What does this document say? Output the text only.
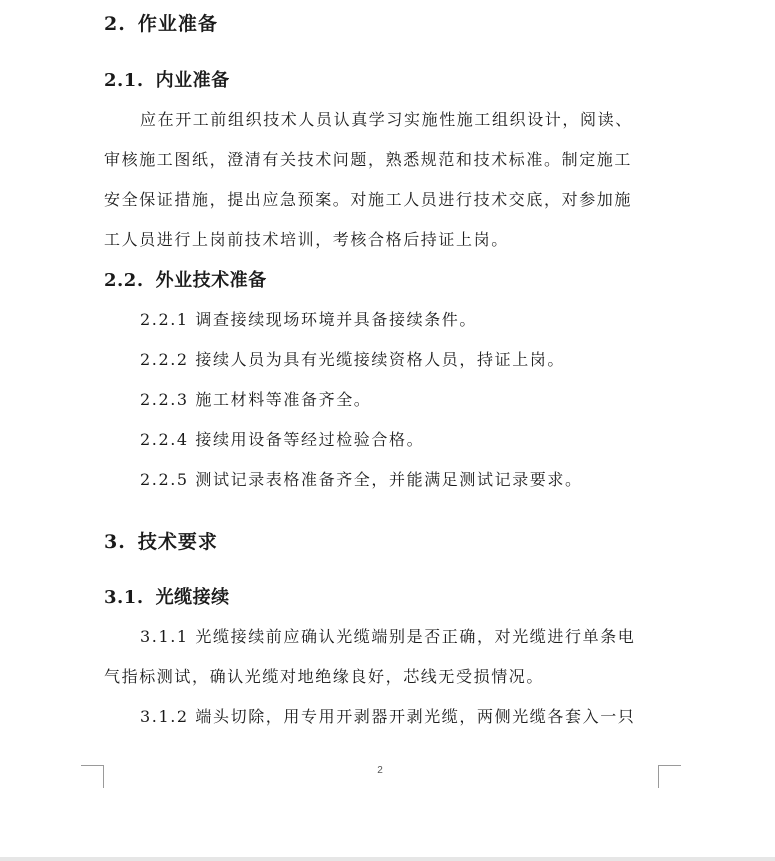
2. 作业准备
2.1. 内业准备
应在开工前组织技术人员认真学习实施性施工组织设计，阅读、
审核施工图纸，澄清有关技术问题，熟悉规范和技术标准。制定施工
安全保证措施，提出应急预案。对施工人员进行技术交底，对参加施
工人员进行上岗前技术培训，考核合格后持证上岗。
2.2. 外业技术准备
2.2.1 调查接续现场环境并具备接续条件。
2.2.2 接续人员为具有光缆接续资格人员，持证上岗。
2.2.3 施工材料等准备齐全。
2.2.4 接续用设备等经过检验合格。
2.2.5 测试记录表格准备齐全，并能满足测试记录要求。
3. 技术要求
3.1. 光缆接续
3.1.1 光缆接续前应确认光缆端别是否正确，对光缆进行单条电
气指标测试，确认光缆对地绝缘良好，芯线无受损情况。
3.1.2 端头切除，用专用开剥器开剥光缆，两侧光缆各套入一只
2
